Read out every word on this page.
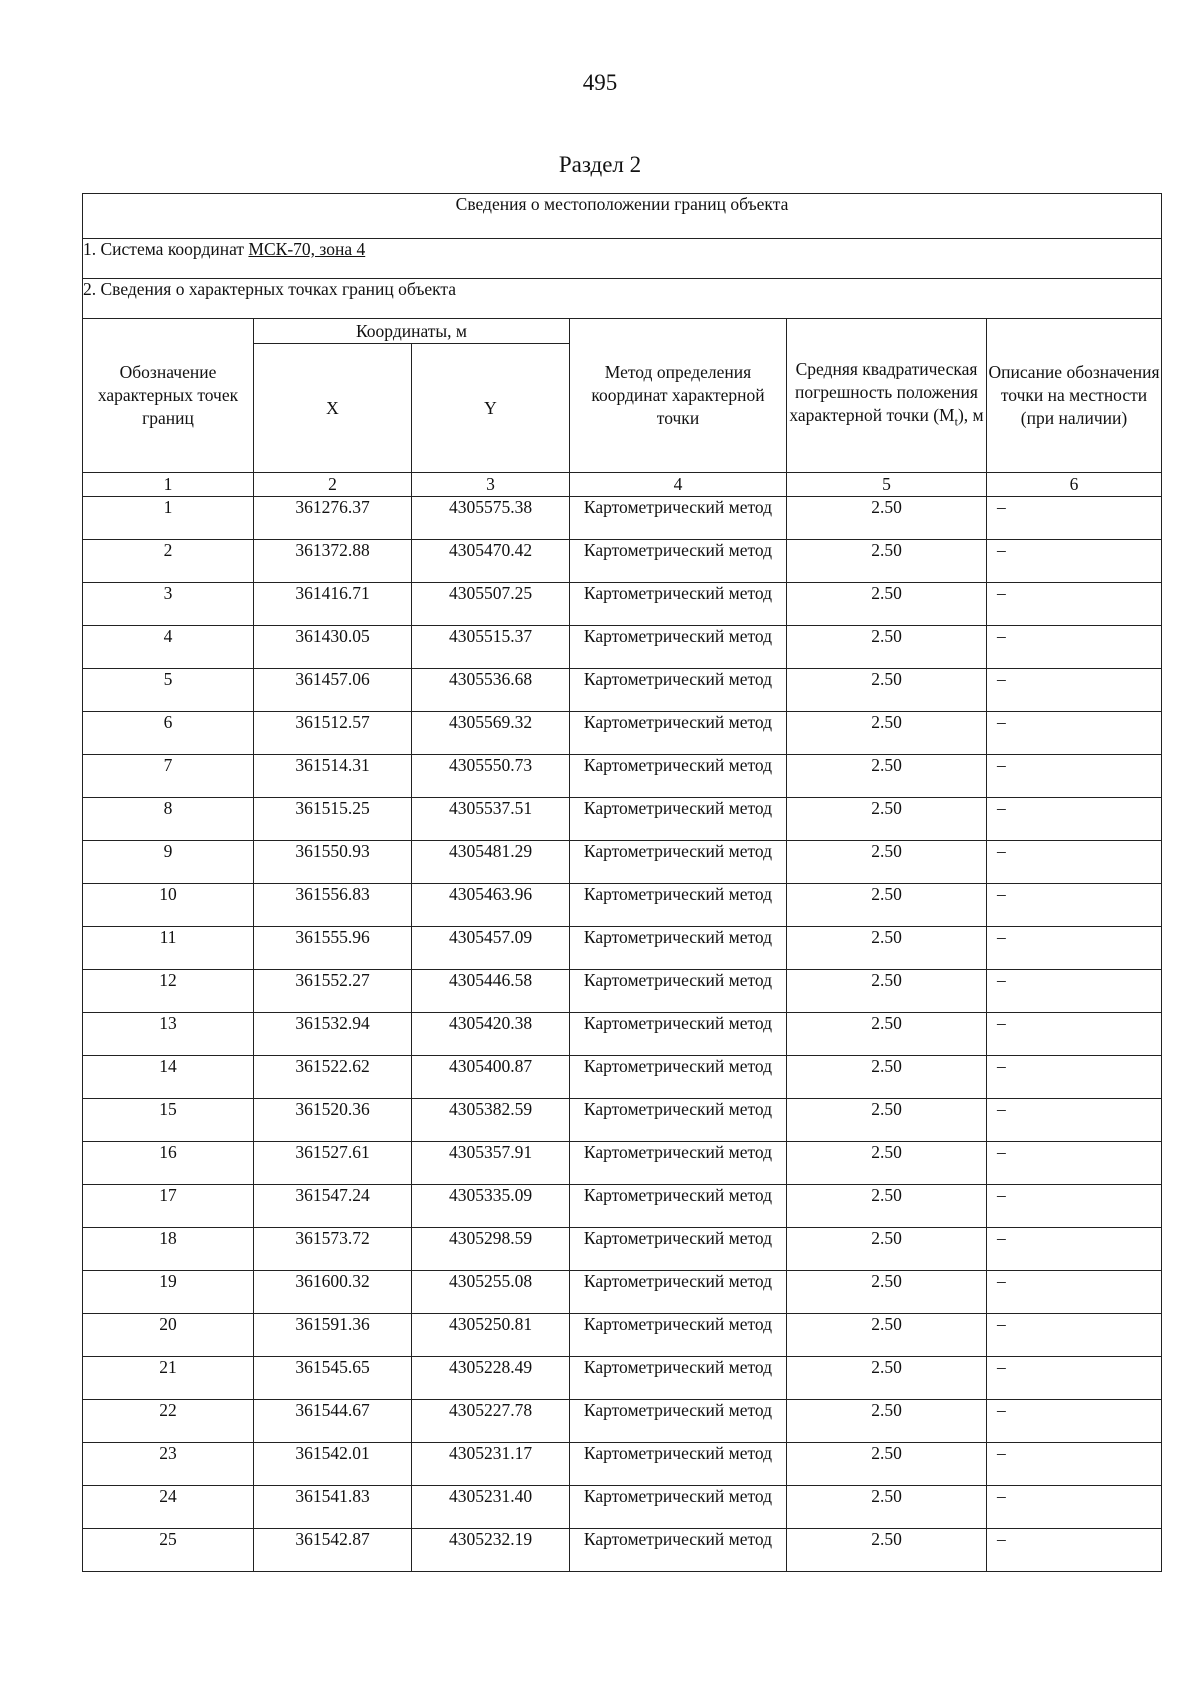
495
Раздел 2
Сведения о местоположении границ объекта					
1. Система координат МСК-70, зона 4					
2. Сведения о характерных точках границ объекта					
Обозначение характерных точек границ	Координаты, м		Метод определения координат характерной точки	Средняя квадратическая погрешность положения характерной точки $(M_t)$, м	Описание обозначения точки на местности (при наличии)
	X	Y			
1	2	3	4	5	6
1	361276.37	4305575.38	Картометрический метод	2.50	–
2	361372.88	4305470.42	Картометрический метод	2.50	–
3	361416.71	4305507.25	Картометрический метод	2.50	–
4	361430.05	4305515.37	Картометрический метод	2.50	–
5	361457.06	4305536.68	Картометрический метод	2.50	–
6	361512.57	4305569.32	Картометрический метод	2.50	–
7	361514.31	4305550.73	Картометрический метод	2.50	–
8	361515.25	4305537.51	Картометрический метод	2.50	–
9	361550.93	4305481.29	Картометрический метод	2.50	–
10	361556.83	4305463.96	Картометрический метод	2.50	–
11	361555.96	4305457.09	Картометрический метод	2.50	–
12	361552.27	4305446.58	Картометрический метод	2.50	–
13	361532.94	4305420.38	Картометрический метод	2.50	–
14	361522.62	4305400.87	Картометрический метод	2.50	–
15	361520.36	4305382.59	Картометрический метод	2.50	–
16	361527.61	4305357.91	Картометрический метод	2.50	–
17	361547.24	4305335.09	Картометрический метод	2.50	–
18	361573.72	4305298.59	Картометрический метод	2.50	–
19	361600.32	4305255.08	Картометрический метод	2.50	–
20	361591.36	4305250.81	Картометрический метод	2.50	–
21	361545.65	4305228.49	Картометрический метод	2.50	–
22	361544.67	4305227.78	Картометрический метод	2.50	–
23	361542.01	4305231.17	Картометрический метод	2.50	–
24	361541.83	4305231.40	Картометрический метод	2.50	–
25	361542.87	4305232.19	Картометрический метод	2.50	–
